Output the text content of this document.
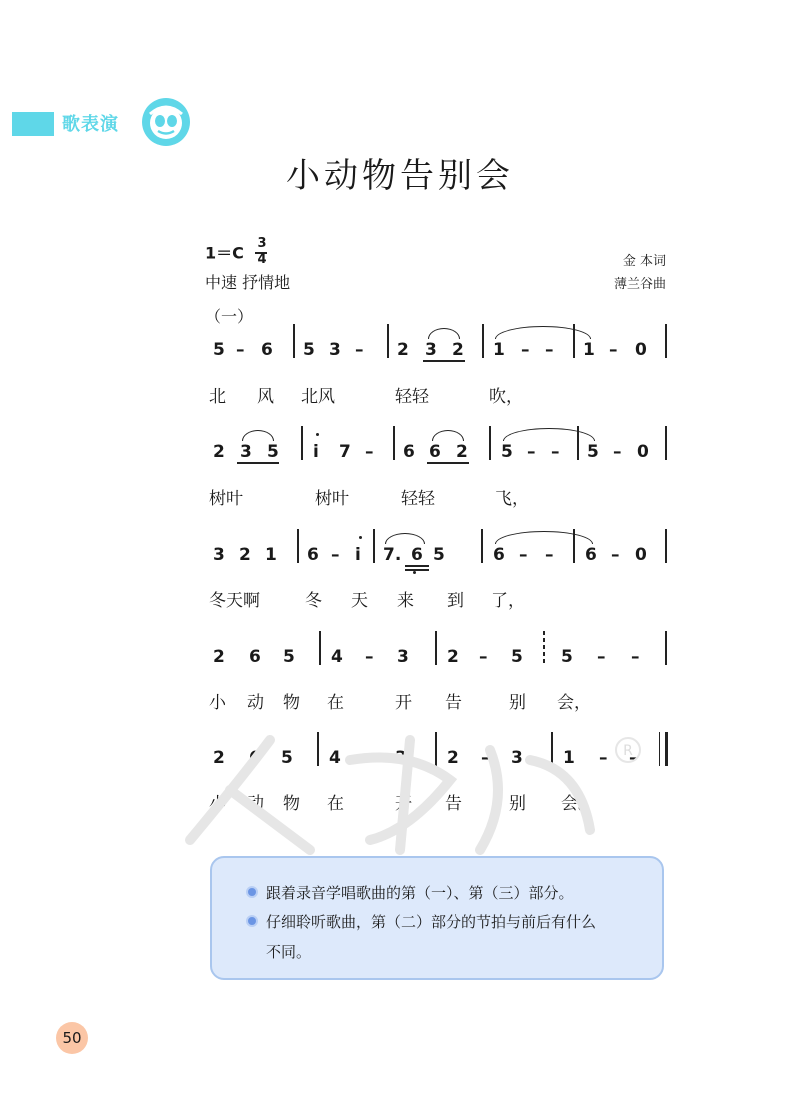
歌表演
小动物告别会
$1=C \frac{3}{4}$
中速 抒情地
金 本词
薄兰谷曲
（一）
5 – 6 5 3 – 2 3 2 1 – – 1 – 0
北 风 北风	轻轻	吹，
2 3 5 i 7 – 6 6 2 5 – – 5 – 0
树叶	树叶	轻轻	飞，
3 2 1 6 – i 7. 6 5	6 – – 6 – 0
冬天啊	冬 天 来 到 了，
2 6 5 4 – 3 2 – 5 5 – –
小 动 物 在	开 告	别 会，
2 6 5 4 – 3 2 – 3 1 – –
小 动 物 在	开 告	别 会。
R
跟着录音学唱歌曲的第（一）、第（三）部分。
仔细聆听歌曲，第（二）部分的节拍与前后有什么
不同。
50
